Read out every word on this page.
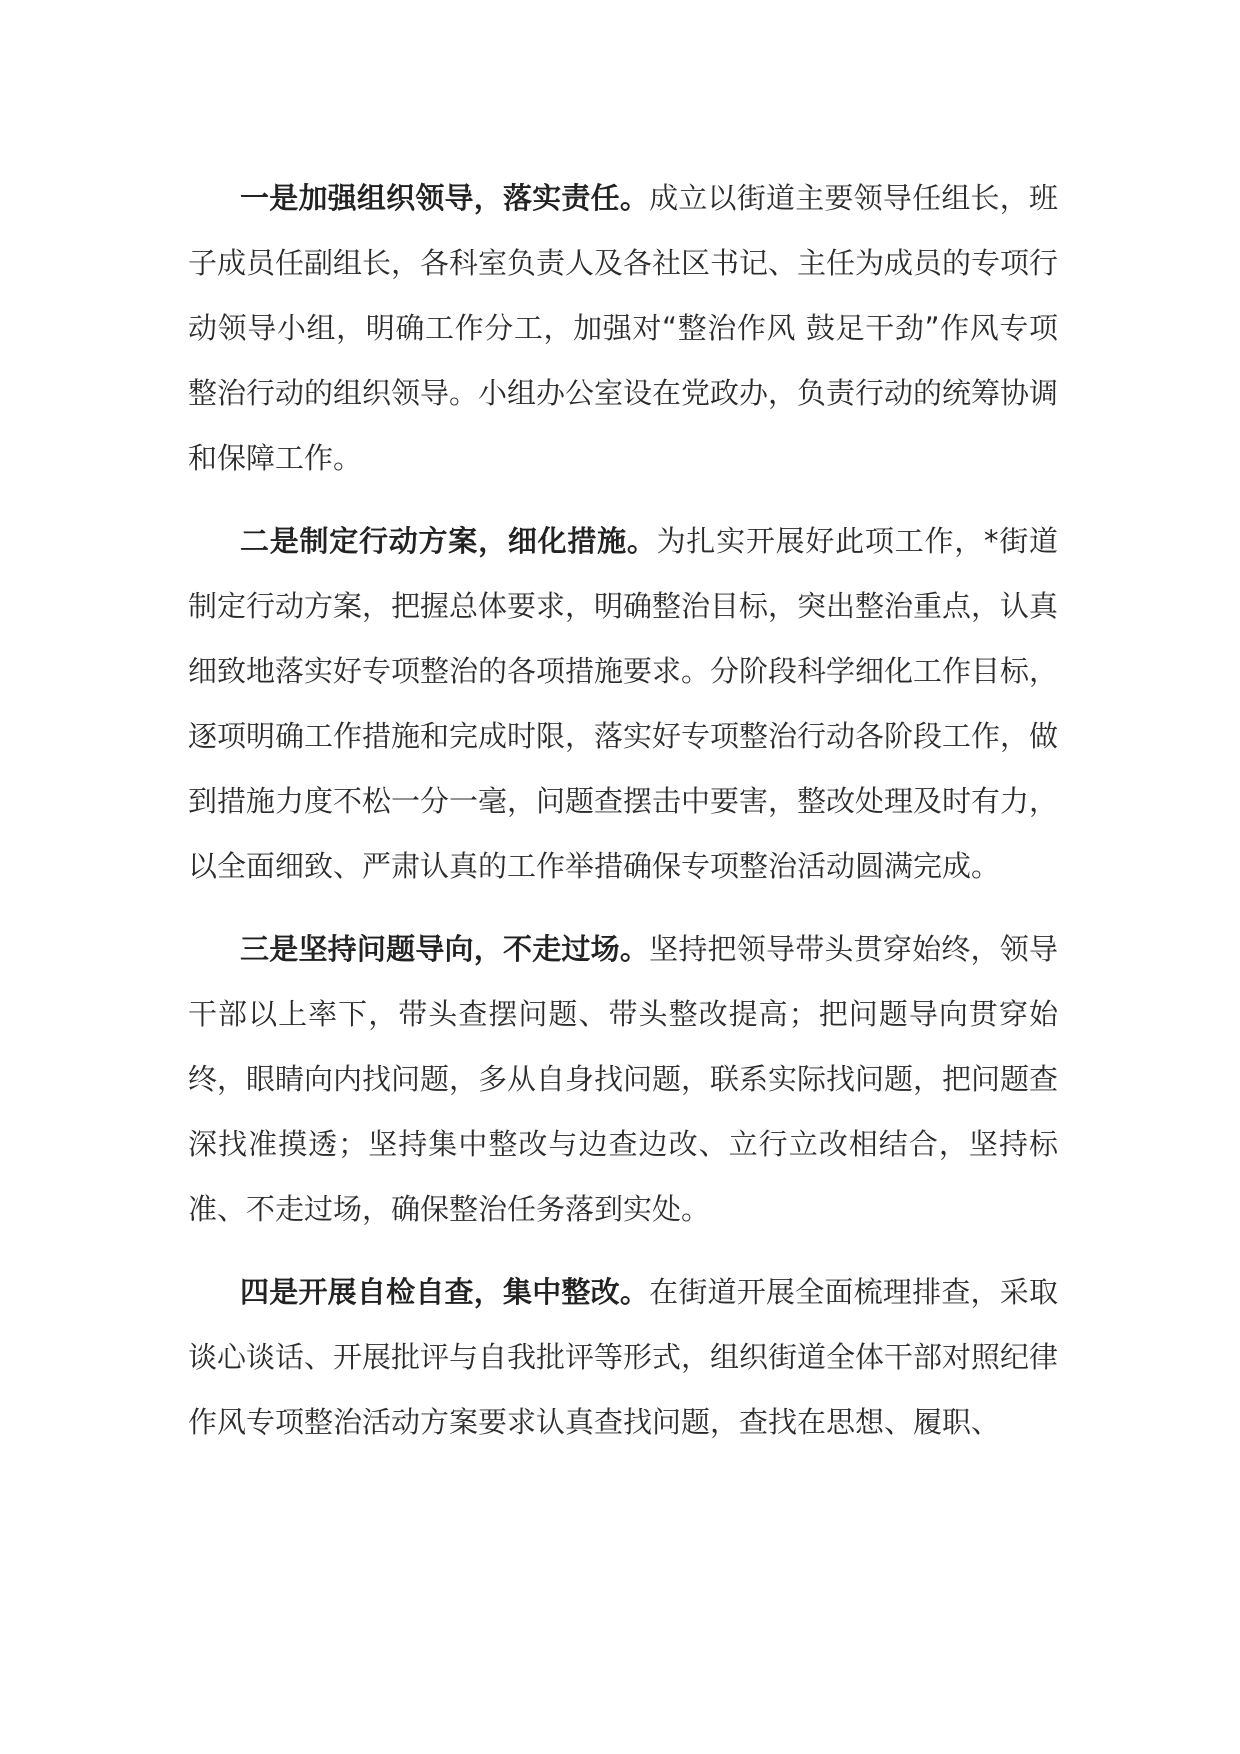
一是加强组织领导，落实责任。成立以街道主要领导任组长，班子成员任副组长，各科室负责人及各社区书记、主任为成员的专项行动领导小组，明确工作分工，加强对“整治作风 鼓足干劲”作风专项整治行动的组织领导。小组办公室设在党政办，负责行动的统筹协调和保障工作。

二是制定行动方案，细化措施。为扎实开展好此项工作，*街道制定行动方案，把握总体要求，明确整治目标，突出整治重点，认真细致地落实好专项整治的各项措施要求。分阶段科学细化工作目标，逐项明确工作措施和完成时限，落实好专项整治行动各阶段工作，做到措施力度不松一分一毫，问题查摆击中要害，整改处理及时有力，以全面细致、严肃认真的工作举措确保专项整治活动圆满完成。

三是坚持问题导向，不走过场。坚持把领导带头贯穿始终，领导干部以上率下，带头查摆问题、带头整改提高；把问题导向贯穿始终，眼睛向内找问题，多从自身找问题，联系实际找问题，把问题查深找准摸透；坚持集中整改与边查边改、立行立改相结合，坚持标准、不走过场，确保整治任务落到实处。

四是开展自检自查，集中整改。在街道开展全面梳理排查，采取谈心谈话、开展批评与自我批评等形式，组织街道全体干部对照纪律作风专项整治活动方案要求认真查找问题，查找在思想、履职、
